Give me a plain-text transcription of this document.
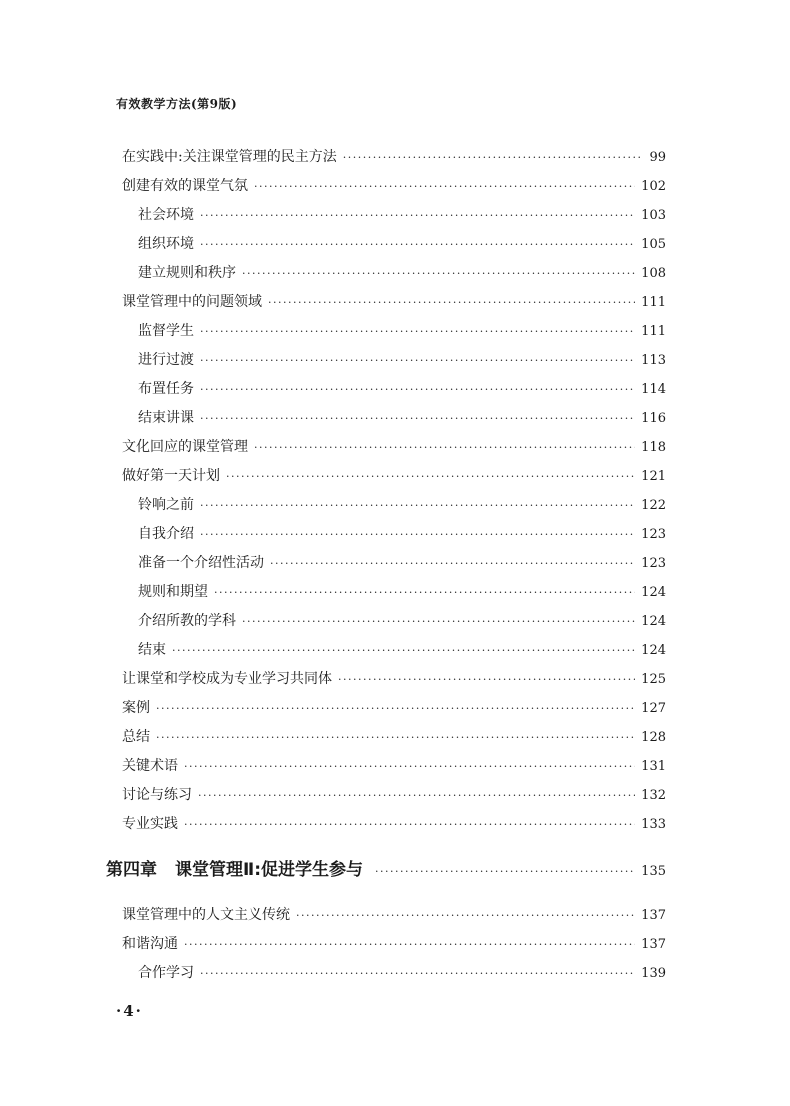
有效教学方法(第9版)
在实践中:关注课堂管理的民主方法 ·····	99
创建有效的课堂气氛 ·····	102
社会环境 ·····	103
组织环境 ·····	105
建立规则和秩序 ·····	108
课堂管理中的问题领域 ·····	111
监督学生 ·····	111
进行过渡 ·····	113
布置任务 ·····	114
结束讲课 ·····	116
文化回应的课堂管理 ·····	118
做好第一天计划 ·····	121
铃响之前 ·····	122
自我介绍 ·····	123
准备一个介绍性活动 ·····	123
规则和期望 ·····	124
介绍所教的学科 ·····	124
结束 ·····	124
让课堂和学校成为专业学习共同体 ·····	125
案例 ·····	127
总结 ·····	128
关键术语 ·····	131
讨论与练习 ·····	132
专业实践 ·····	133
第四章 课堂管理Ⅱ:促进学生参与 ·····	135
课堂管理中的人文主义传统 ·····	137
和谐沟通 ·····	137
合作学习 ·····	139
·4·
